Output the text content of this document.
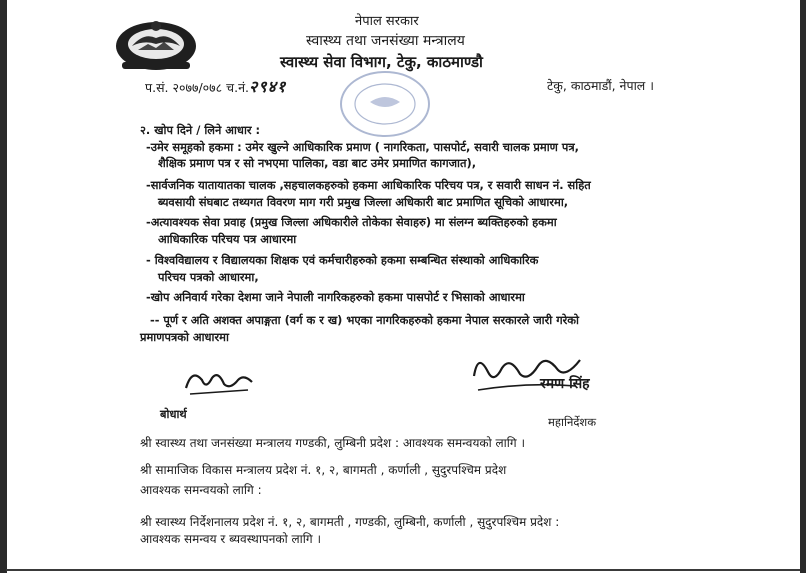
नेपाल सरकार
स्वास्थ्य तथा जनसंख्या मन्त्रालय
स्वास्थ्य सेवा विभाग, टेकु, काठमाण्डौ
प.सं. २०७७/०७८ च.नं.२९४१	टेकु, काठमाडौं, नेपाल ।
२. खोप दिने / लिने आधार :
-उमेर समूहको हकमा : उमेर खुल्ने आधिकारिक प्रमाण ( नागरिकता, पासपोर्ट, सवारी चालक प्रमाण पत्र,
शैक्षिक प्रमाण पत्र र सो नभएमा पालिका, वडा बाट उमेर प्रमाणित कागजात),
-सार्वजनिक यातायातका चालक ,सहचालकहरुको हकमा आधिकारिक परिचय पत्र, र सवारी साधन नं. सहित
ब्यवसायी संघबाट तथ्यगत विवरण माग गरी प्रमुख जिल्ला अधिकारी बाट प्रमाणित सूचिको आधारमा,
-अत्यावश्यक सेवा प्रवाह (प्रमुख जिल्ला अधिकारीले तोकेका सेवाहरु) मा संलग्न ब्यक्तिहरुको हकमा
आधिकारिक परिचय पत्र आधारमा
- विश्वविद्यालय र विद्यालयका शिक्षक एवं कर्मचारीहरुको हकमा सम्बन्धित संस्थाको आधिकारिक
परिचय पत्रको आधारमा,
-खोप अनिवार्य गरेका देशमा जाने नेपाली नागरिकहरुको हकमा पासपोर्ट र भिसाको आधारमा
-- पूर्ण र अति अशक्त अपाङ्गता (वर्ग क र ख) भएका नागरिकहरुको हकमा नेपाल सरकारले जारी गरेको
प्रमाणपत्रको आधारमा
रमण सिंह
महानिर्देशक
बोधार्थ
श्री स्वास्थ्य तथा जनसंख्या मन्त्रालय गण्डकी, लुम्बिनी प्रदेश : आवश्यक समन्वयको लागि ।
श्री सामाजिक विकास मन्त्रालय प्रदेश नं. १, २, बागमती , कर्णाली , सुदुरपश्चिम प्रदेश
आवश्यक समन्वयको लागि :
श्री स्वास्थ्य निर्देशनालय प्रदेश नं. १, २, बागमती , गण्डकी, लुम्बिनी, कर्णाली , सुदुरपश्चिम प्रदेश :
आवश्यक समन्वय र ब्यवस्थापनको लागि ।
